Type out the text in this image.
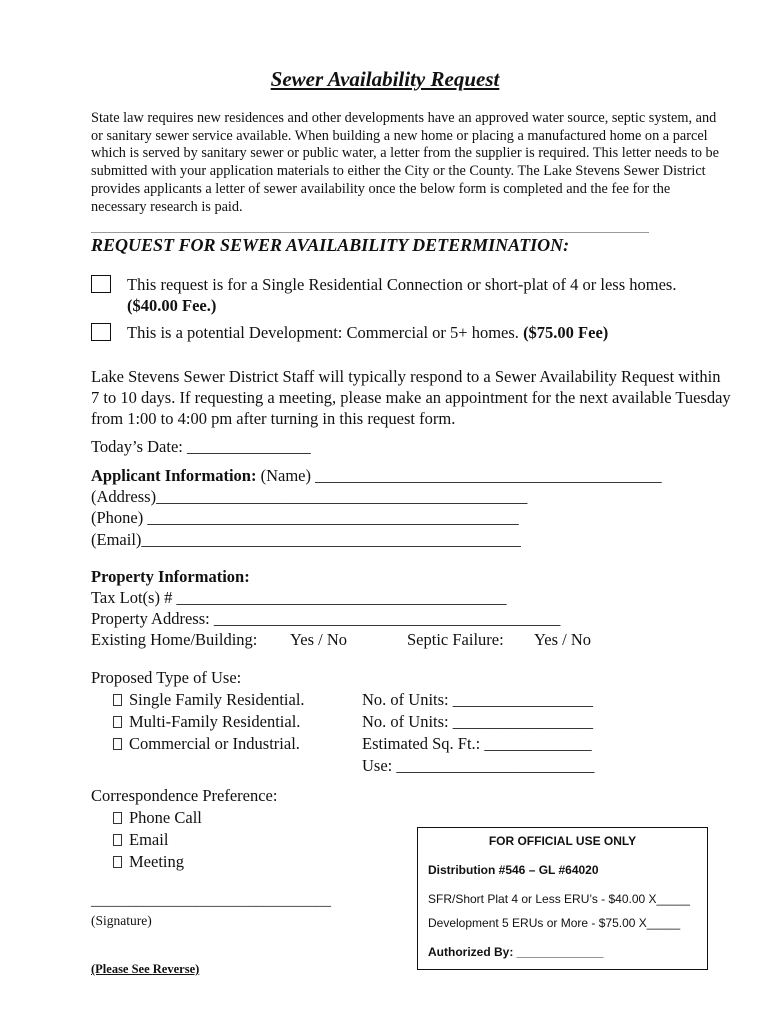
Sewer Availability Request
State law requires new residences and other developments have an approved water source, septic system, and or sanitary sewer service available. When building a new home or placing a manufactured home on a parcel which is served by sanitary sewer or public water, a letter from the supplier is required. This letter needs to be submitted with your application materials to either the City or the County. The Lake Stevens Sewer District provides applicants a letter of sewer availability once the below form is completed and the fee for the necessary research is paid.
REQUEST FOR SEWER AVAILABILITY DETERMINATION:
This request is for a Single Residential Connection or short-plat of 4 or less homes.
($40.00 Fee.)
This is a potential Development: Commercial or 5+ homes. ($75.00 Fee)
Lake Stevens Sewer District Staff will typically respond to a Sewer Availability Request within 7 to 10 days. If requesting a meeting, please make an appointment for the next available Tuesday from 1:00 to 4:00 pm after turning in this request form.
Today’s Date: _______________
Applicant Information: (Name) __________________________________________
(Address)_____________________________________________
(Phone) _____________________________________________
(Email)______________________________________________
Property Information:
Tax Lot(s) # ________________________________________
Property Address: __________________________________________
Existing Home/Building: Yes / No	Septic Failure: Yes / No
Proposed Type of Use:
Single Family Residential.
Multi-Family Residential.
Commercial or Industrial.
No. of Units: _________________
No. of Units: _________________
Estimated Sq. Ft.: _____________
Use: ________________________
Correspondence Preference:
Phone Call
Email
Meeting
FOR OFFICIAL USE ONLY
Distribution #546 – GL #64020
SFR/Short Plat 4 or Less ERU’s - $40.00 X_____
Development 5 ERUs or More - $75.00 X_____
Authorized By: _____________
________________________________
(Signature)
(Please See Reverse)
